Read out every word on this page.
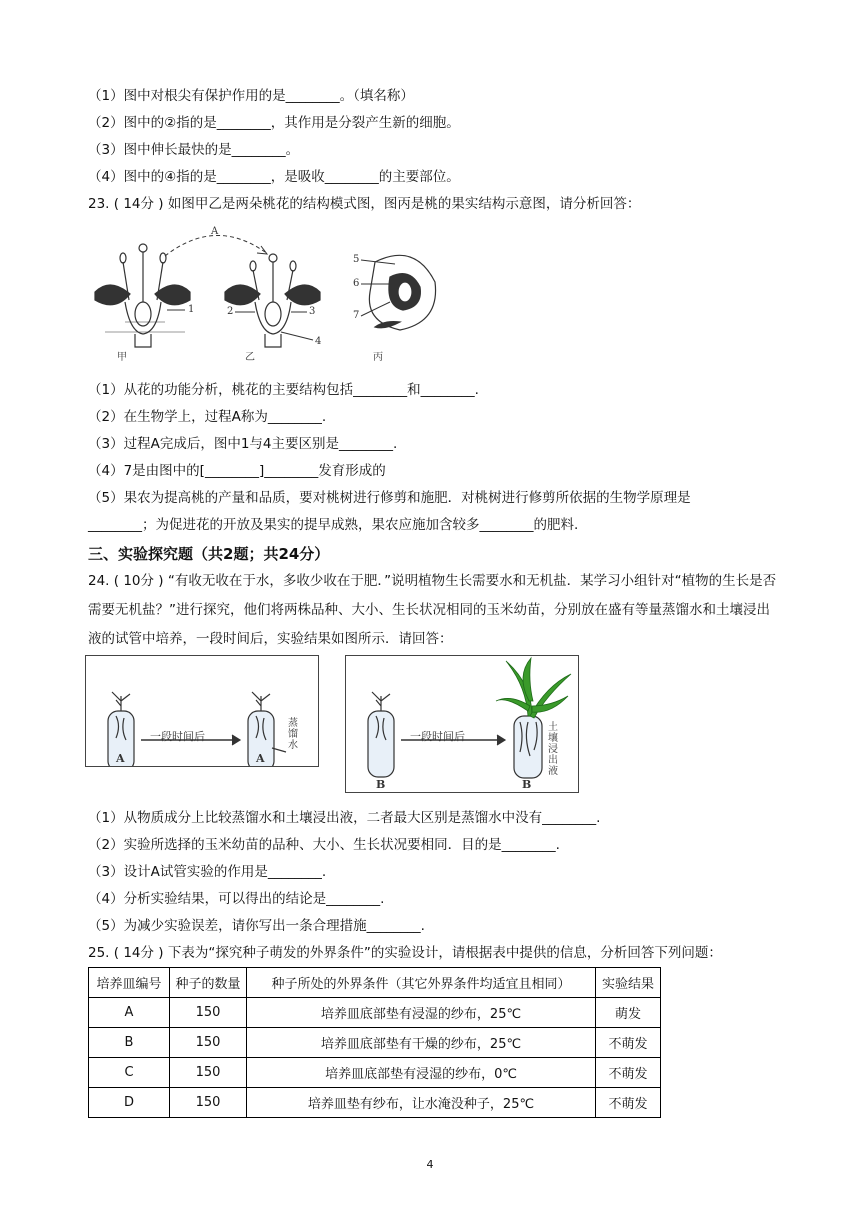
（1）图中对根尖有保护作用的是________。（填名称）
（2）图中的②指的是________，其作用是分裂产生新的细胞。
（3）图中伸长最快的是________。
（4）图中的④指的是________，是吸收________的主要部位。
23. ( 14分 ) 如图甲乙是两朵桃花的结构模式图，图丙是桃的果实结构示意图，请分析回答：
甲	乙	丙
A
1	2	3
4
5
6
7
（1）从花的功能分析，桃花的主要结构包括________和________.
（2）在生物学上，过程A称为________.
（3）过程A完成后，图中1与4主要区别是________.
（4）7是由图中的[________]________发育形成的
（5）果农为提高桃的产量和品质，要对桃树进行修剪和施肥．对桃树进行修剪所依据的生物学原理是
________；为促进花的开放及果实的提早成熟，果农应施加含较多________的肥料.
三、实验探究题（共2题；共24分）
24. ( 10分 ) “有收无收在于水，多收少收在于肥．”说明植物生长需要水和无机盐．某学习小组针对“植物的生长是否需要无机盐？”进行探究，他们将两株品种、大小、生长状况相同的玉米幼苗，分别放在盛有等量蒸馏水和土壤浸出液的试管中培养，一段时间后，实验结果如图所示．请回答：
一段时间后
A	A
蒸馏水
一段时间后
B	B
土壤浸出液
（1）从物质成分上比较蒸馏水和土壤浸出液，二者最大区别是蒸馏水中没有________.
（2）实验所选择的玉米幼苗的品种、大小、生长状况要相同．目的是________.
（3）设计A试管实验的作用是________.
（4）分析实验结果，可以得出的结论是________.
（5）为减少实验误差，请你写出一条合理措施________.
25. ( 14分 ) 下表为“探究种子萌发的外界条件”的实验设计，请根据表中提供的信息，分析回答下列问题：
培养皿编号	种子的数量	种子所处的外界条件（其它外界条件均适宜且相同）	实验结果
A	150	培养皿底部垫有浸湿的纱布，25℃	萌发
B	150	培养皿底部垫有干燥的纱布，25℃	不萌发
C	150	培养皿底部垫有浸湿的纱布，0℃	不萌发
D	150	培养皿垫有纱布，让水淹没种子，25℃	不萌发
4
